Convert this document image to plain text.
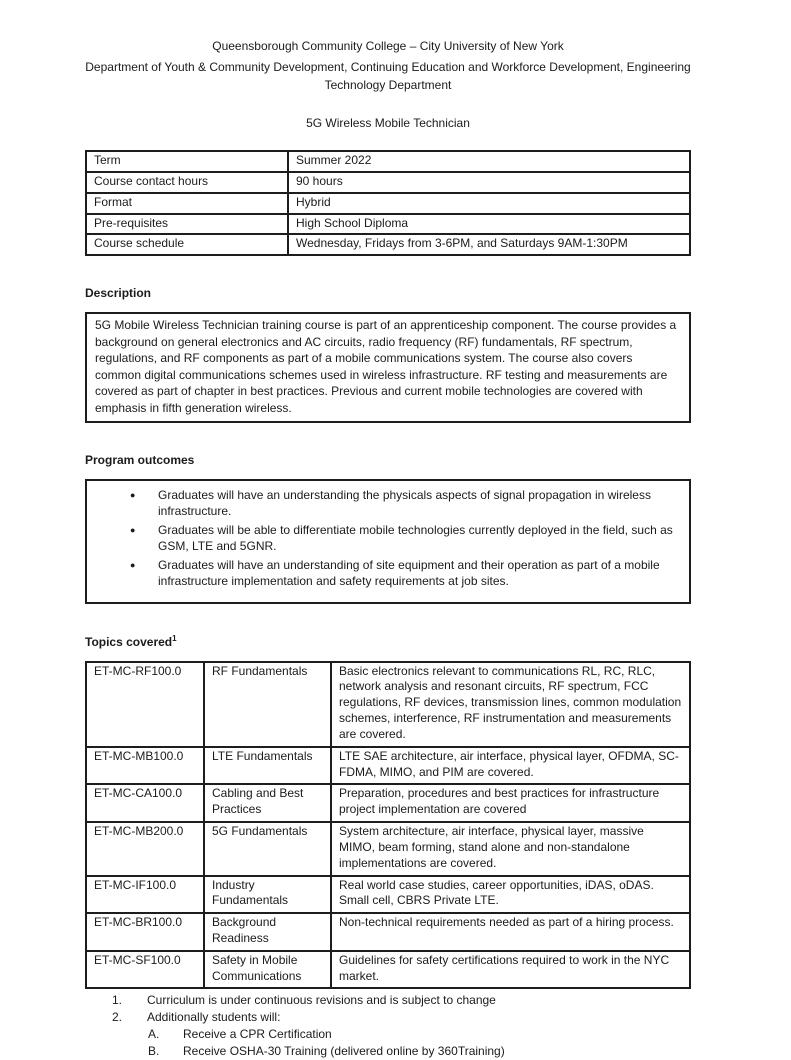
Queensborough Community College – City University of New York
Department of Youth & Community Development, Continuing Education and Workforce Development, Engineering Technology Department
5G Wireless Mobile Technician
Term	Summer 2022
Course contact hours	90 hours
Format	Hybrid
Pre-requisites	High School Diploma
Course schedule	Wednesday, Fridays from 3-6PM, and Saturdays 9AM-1:30PM
Description
5G Mobile Wireless Technician training course is part of an apprenticeship component. The course provides a background on general electronics and AC circuits, radio frequency (RF) fundamentals, RF spectrum, regulations, and RF components as part of a mobile communications system. The course also covers common digital communications schemes used in wireless infrastructure. RF testing and measurements are covered as part of chapter in best practices. Previous and current mobile technologies are covered with emphasis in fifth generation wireless.
Program outcomes
●	Graduates will have an understanding the physicals aspects of signal propagation in wireless infrastructure.
●	Graduates will be able to differentiate mobile technologies currently deployed in the field, such as GSM, LTE and 5GNR.
●	Graduates will have an understanding of site equipment and their operation as part of a mobile infrastructure implementation and safety requirements at job sites.
Topics covered$^1$
ET-MC-RF100.0	RF Fundamentals	Basic electronics relevant to communications RL, RC, RLC, network analysis and resonant circuits, RF spectrum, FCC regulations, RF devices, transmission lines, common modulation schemes, interference, RF instrumentation and measurements are covered.
ET-MC-MB100.0	LTE Fundamentals	LTE SAE architecture, air interface, physical layer, OFDMA, SC-FDMA, MIMO, and PIM are covered.
ET-MC-CA100.0	Cabling and Best Practices	Preparation, procedures and best practices for infrastructure project implementation are covered
ET-MC-MB200.0	5G Fundamentals	System architecture, air interface, physical layer, massive MIMO, beam forming, stand alone and non-standalone implementations are covered.
ET-MC-IF100.0	Industry Fundamentals	Real world case studies, career opportunities, iDAS, oDAS. Small cell, CBRS Private LTE.
ET-MC-BR100.0	Background Readiness	Non-technical requirements needed as part of a hiring process.
ET-MC-SF100.0	Safety in Mobile Communications	Guidelines for safety certifications required to work in the NYC market.
1.	Curriculum is under continuous revisions and is subject to change
2.	Additionally students will:
A.	Receive a CPR Certification
B.	Receive OSHA-30 Training (delivered online by 360Training)
